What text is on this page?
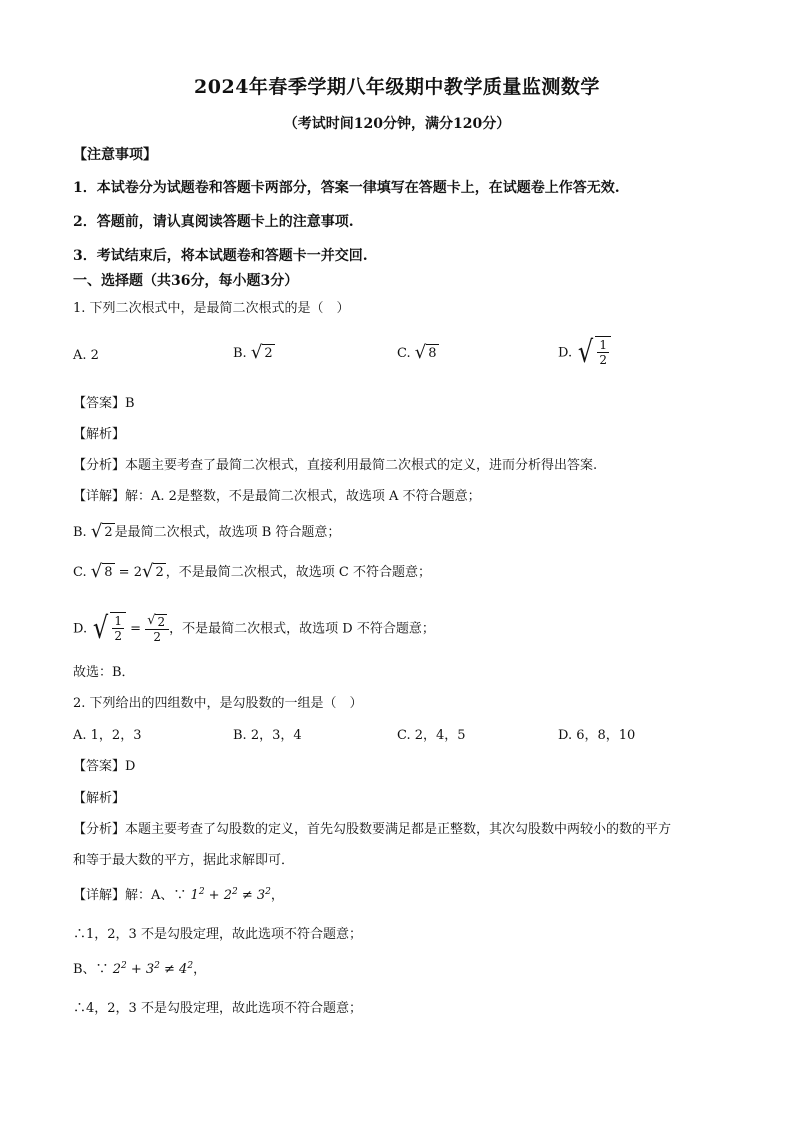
2024年春季学期八年级期中教学质量监测数学
（考试时间120分钟，满分120分）
【注意事项】
1．本试卷分为试题卷和答题卡两部分，答案一律填写在答题卡上，在试题卷上作答无效.
2．答题前，请认真阅读答题卡上的注意事项.
3．考试结束后，将本试题卷和答题卡一并交回.
一、选择题（共36分，每小题3分）
1. 下列二次根式中，是最简二次根式的是（　）
A. 2	B. √ 2	C. √ 8	D. √ $\frac{1}{2}$
【答案】B
【解析】
【分析】本题主要考查了最简二次根式，直接利用最简二次根式的定义，进而分析得出答案.
【详解】解：A. 2是整数，不是最简二次根式，故选项 A 不符合题意；
B. √ 2 是最简二次根式，故选项 B 符合题意；
C. √ 8 = 2 √ 2 ，不是最简二次根式，故选项 C 不符合题意；
D. √ $\frac{1}{2} = \frac{√ 2}{2}$ ，不是最简二次根式，故选项 D 不符合题意；
故选：B．
2. 下列给出的四组数中，是勾股数的一组是（　）
A. 1，2，3	B. 2，3，4	C. 2，4，5	D. 6，8，10
【答案】D
【解析】
【分析】本题主要考查了勾股数的定义，首先勾股数要满足都是正整数，其次勾股数中两较小的数的平方
和等于最大数的平方，据此求解即可．
【详解】解：A、∵ $1^2 + 2^2 \ne 3^2$，
∴1，2，3 不是勾股定理，故此选项不符合题意；
B、∵ $2^2 + 3^2 \ne 4^2$，
∴4，2，3 不是勾股定理，故此选项不符合题意；
